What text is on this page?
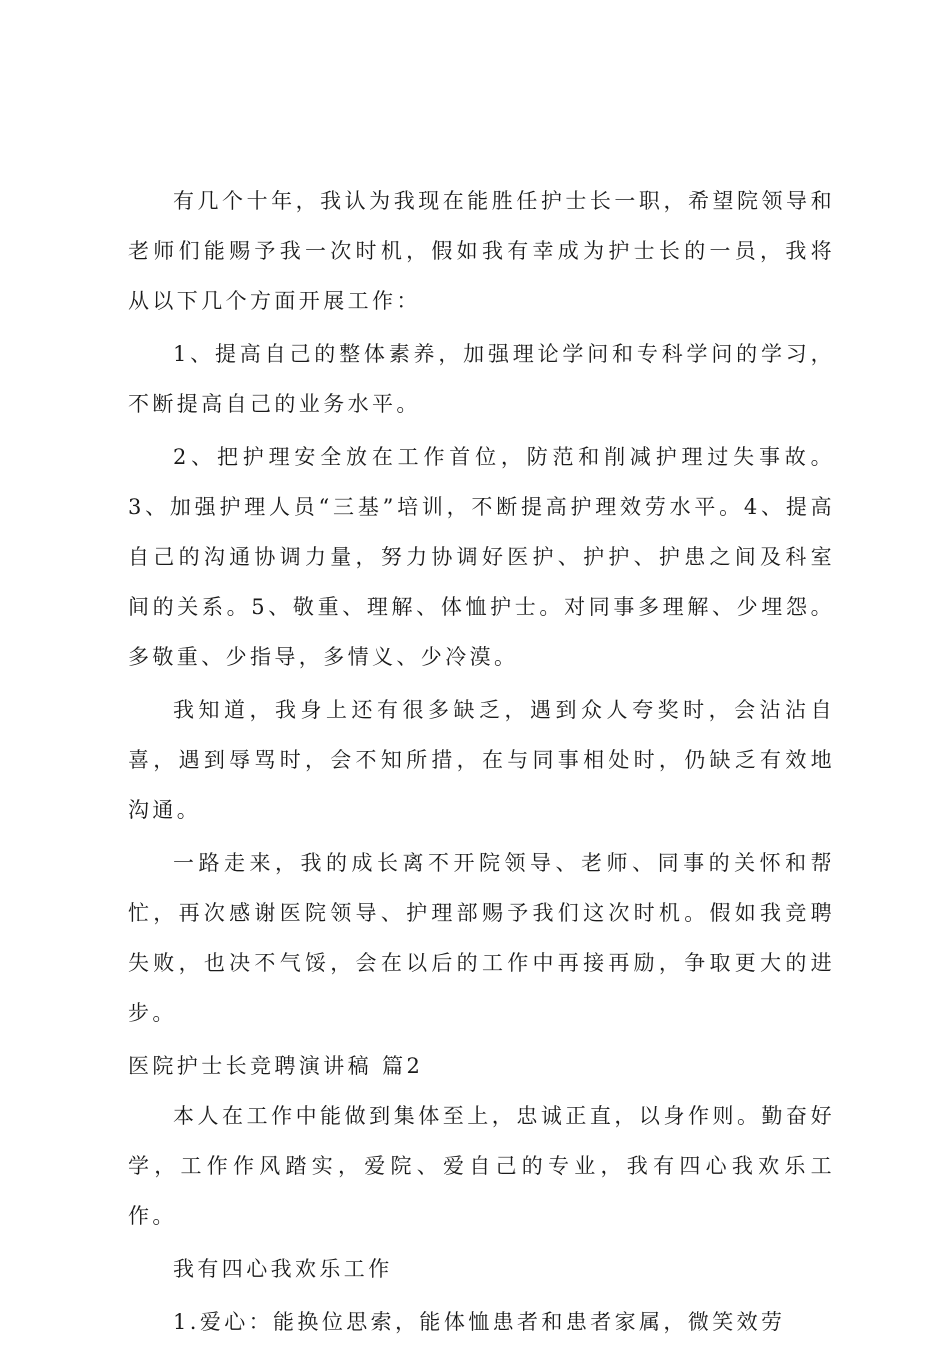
有几个十年，我认为我现在能胜任护士长一职，希望院领导和老师们能赐予我一次时机，假如我有幸成为护士长的一员，我将从以下几个方面开展工作：

1、提高自己的整体素养，加强理论学问和专科学问的学习，不断提高自己的业务水平。

2、把护理安全放在工作首位，防范和削减护理过失事故。3、加强护理人员“三基”培训，不断提高护理效劳水平。4、提高自己的沟通协调力量，努力协调好医护、护护、护患之间及科室间的关系。5、敬重、理解、体恤护士。对同事多理解、少埋怨。多敬重、少指导，多情义、少冷漠。

我知道，我身上还有很多缺乏，遇到众人夸奖时，会沾沾自喜，遇到辱骂时，会不知所措，在与同事相处时，仍缺乏有效地沟通。

一路走来，我的成长离不开院领导、老师、同事的关怀和帮忙，再次感谢医院领导、护理部赐予我们这次时机。假如我竞聘失败，也决不气馁，会在以后的工作中再接再励，争取更大的进步。

医院护士长竞聘演讲稿 篇2

本人在工作中能做到集体至上，忠诚正直，以身作则。勤奋好学，工作作风踏实，爱院、爱自己的专业，我有四心我欢乐工作。

我有四心我欢乐工作

1.爱心：能换位思索，能体恤患者和患者家属，微笑效劳
